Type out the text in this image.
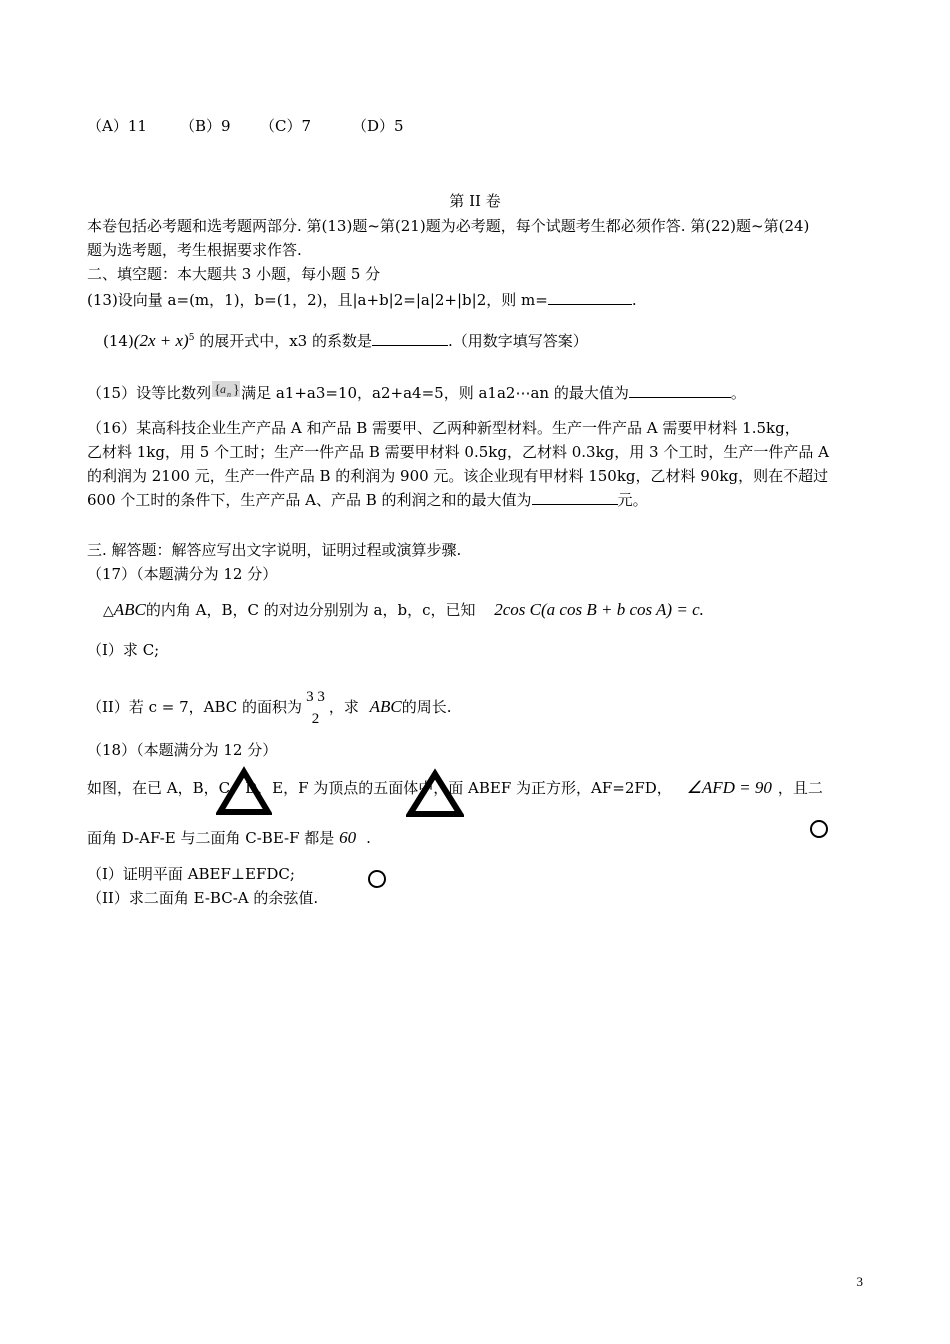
（A）11 （B）9 （C）7	（D）5
第 II 卷
本卷包括必考题和选考题两部分. 第(13)题~第(21)题为必考题，每个试题考生都必须作答. 第(22)题~第(24)
题为选考题，考生根据要求作答.
二、填空题：本大题共 3 小题，每小题 5 分
(13)设向量 a=(m，1)，b=(1，2)，且|a+b|2=|a|2+|b|2，则 m=	.
$(14)(2x + x)^5$ 的展开式中，x3 的系数是	.（用数字填写答案）
（15）设等比数列 { a n } 满足 a1+a3=10，a2+a4=5，则 a1a2⋯an 的最大值为	。
（16）某高科技企业生产产品 A 和产品 B 需要甲、乙两种新型材料。生产一件产品 A 需要甲材料 1.5kg，
乙材料 1kg，用 5 个工时；生产一件产品 B 需要甲材料 0.5kg，乙材料 0.3kg，用 3 个工时，生产一件产品 A
的利润为 2100 元，生产一件产品 B 的利润为 900 元。该企业现有甲材料 150kg，乙材料 90kg，则在不超过
600 个工时的条件下，生产产品 A、产品 B 的利润之和的最大值为	元。
三. 解答题：解答应写出文字说明，证明过程或演算步骤.
（17）（本题满分为 12 分）
△ABC的内角 A，B，C 的对边分别别为 a，b，c，已知 2cos C(a cos B + b cos A) = c.
（I）求 C;
（II）若 c = 7，ABC 的面积为
3 3
2
，求 ABC的周长.
（18）（本题满分为 12 分）
如图，在已 A，B，C，D，E，F 为顶点的五面体中，面 ABEF 为正方形，AF=2FD， ∠AFD = 90 ，且二
面角 D-AF-E 与二面角 C-BE-F 都是 60 .
（I）证明平面 ABEF⊥EFDC;
（II）求二面角 E-BC-A 的余弦值.
3
